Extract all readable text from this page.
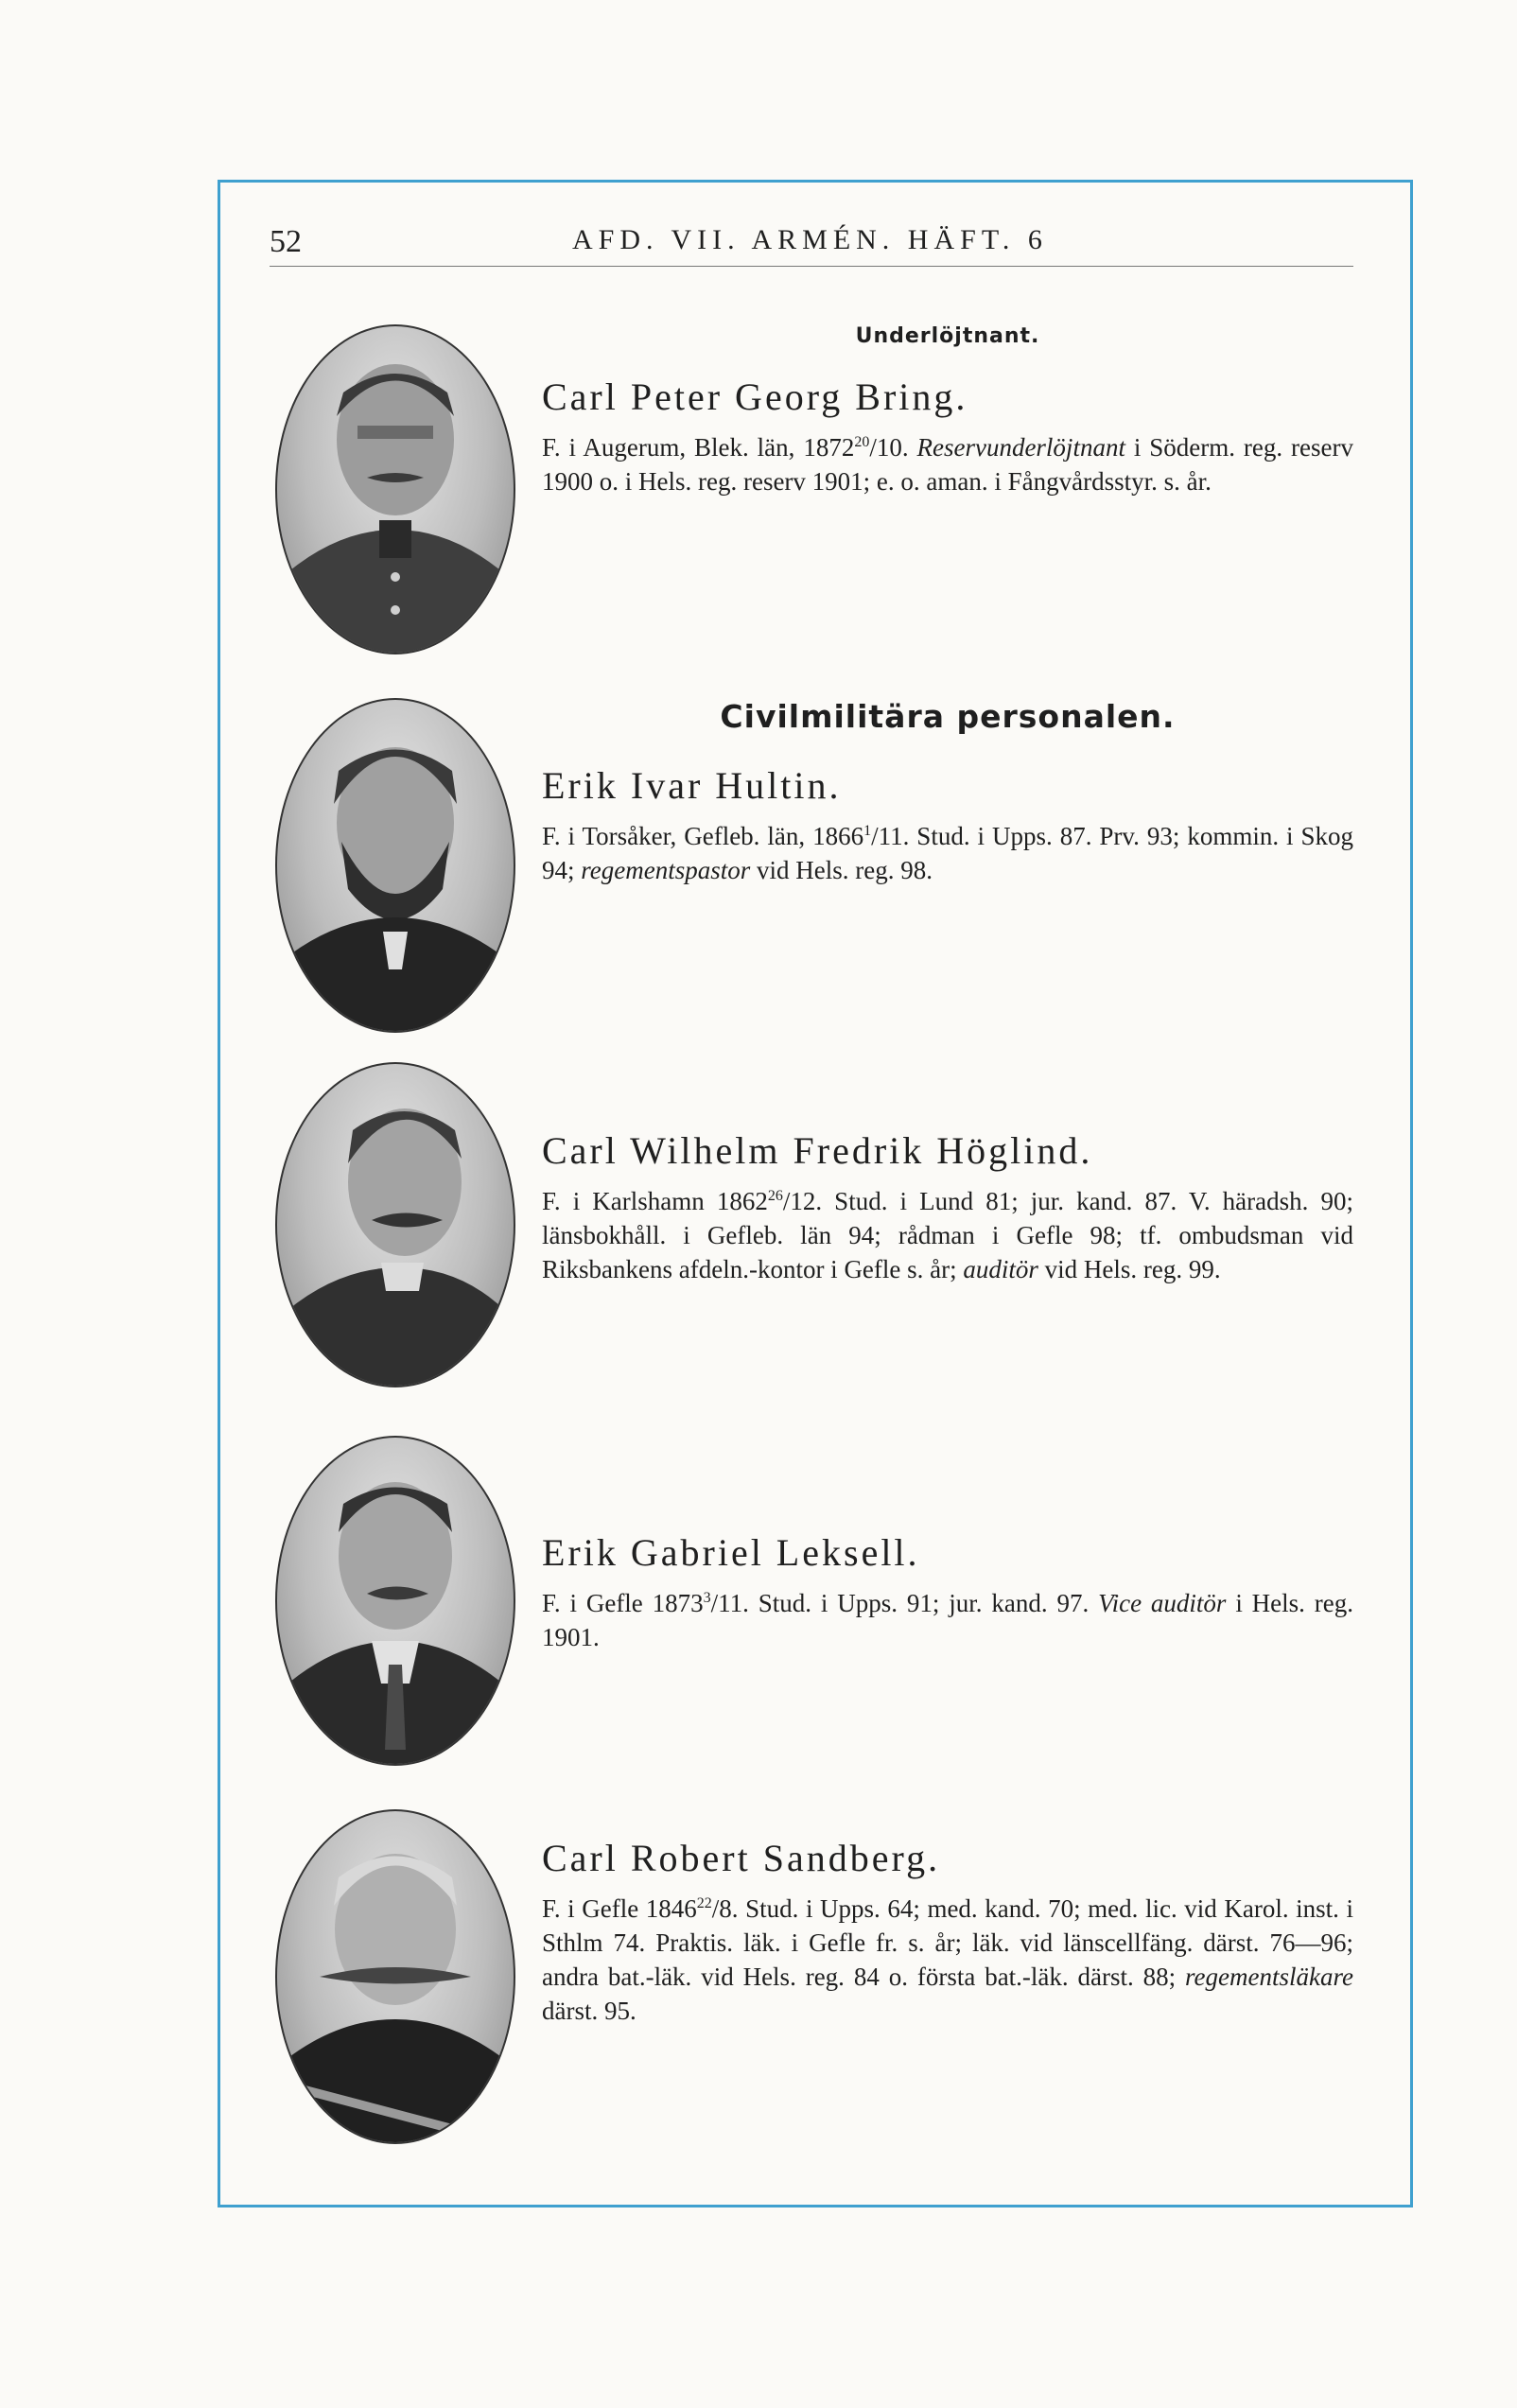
52	AFD. VII. ARMÉN. HÄFT. 6

Underlöjtnant.

Carl Peter Georg Bring.

F. i Augerum, Blek. län, 1872$^{20}$/10. Reservunderlöjtnant i Söderm. reg. reserv 1900 o. i Hels. reg. reserv 1901; e. o. aman. i Fångvårdsstyr. s. år.

Civilmilitära personalen.

Erik Ivar Hultin.

F. i Torsåker, Gefleb. län, 1866$^1$/11. Stud. i Upps. 87. Prv. 93; kommin. i Skog 94; regementspastor vid Hels. reg. 98.

Carl Wilhelm Fredrik Höglind.

F. i Karlshamn 1862$^{26}$/12. Stud. i Lund 81; jur. kand. 87. V. häradsh. 90; länsbokhåll. i Gefleb. län 94; rådman i Gefle 98; tf. ombudsman vid Riksbankens afdeln.-kontor i Gefle s. år; auditör vid Hels. reg. 99.

Erik Gabriel Leksell.

F. i Gefle 1873$^3$/11. Stud. i Upps. 91; jur. kand. 97. Vice auditör i Hels. reg. 1901.

Carl Robert Sandberg.

F. i Gefle 1846$^{22}$/8. Stud. i Upps. 64; med. kand. 70; med. lic. vid Karol. inst. i Sthlm 74. Praktis. läk. i Gefle fr. s. år; läk. vid länscellfäng. därst. 76—96; andra bat.-läk. vid Hels. reg. 84 o. första bat.-läk. därst. 88; regementsläkare därst. 95.
